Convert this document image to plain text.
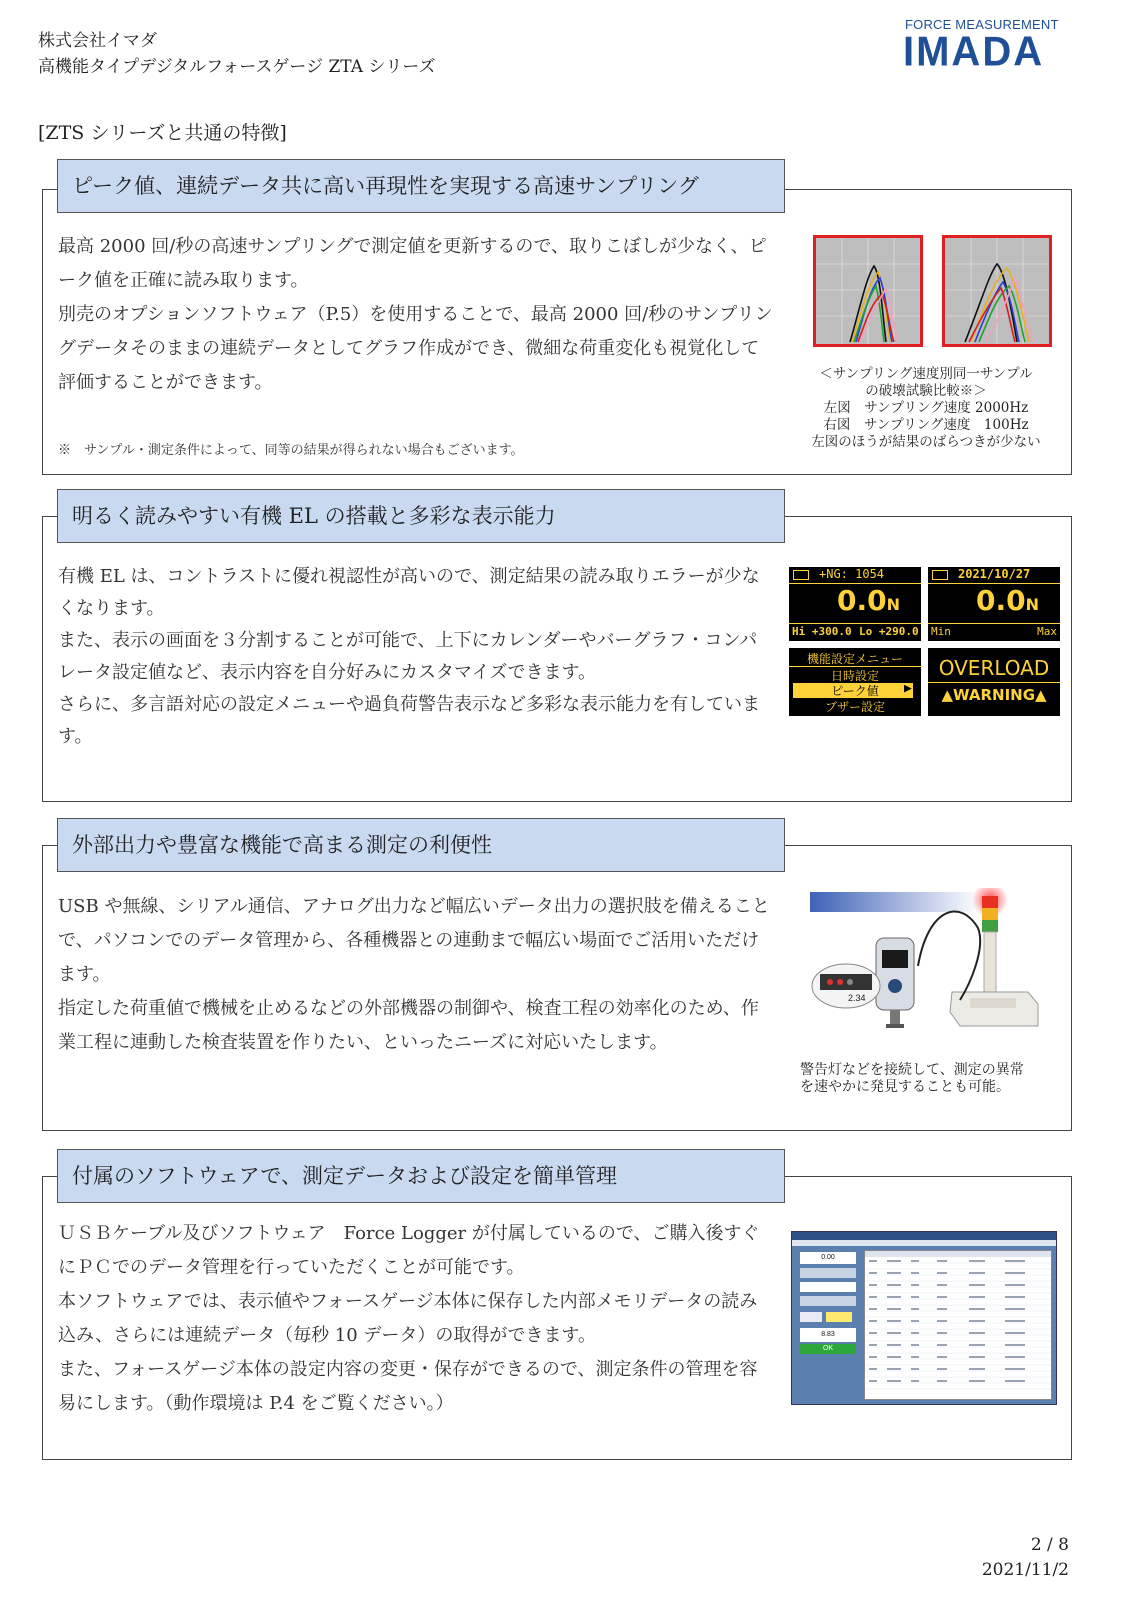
株式会社イマダ
高機能タイプデジタルフォースゲージ ZTA シリーズ
FORCE MEASUREMENT
IMADA
[ZTS シリーズと共通の特徴]
ピーク値、連続データ共に高い再現性を実現する高速サンプリング

最高 2000 回/秒の高速サンプリングで測定値を更新するので、取りこぼしが少なく、ピーク値を正確に読み取ります。

別売のオプションソフトウェア（P.5）を使用することで、最高 2000 回/秒のサンプリングデータそのままの連続データとしてグラフ作成ができ、微細な荷重変化も視覚化して評価することができます。

※　サンプル・測定条件によって、同等の結果が得られない場合もございます。
＜サンプリング速度別同一サンプル
の破壊試験比較※＞
左図　サンプリング速度 2000Hz
右図　サンプリング速度　100Hz
左図のほうが結果のばらつきが少ない
明るく読みやすい有機 EL の搭載と多彩な表示能力

有機 EL は、コントラストに優れ視認性が高いので、測定結果の読み取りエラーが少なくなります。

また、表示の画面を３分割することが可能で、上下にカレンダーやバーグラフ・コンパレータ設定値など、表示内容を自分好みにカスタマイズできます。

さらに、多言語対応の設定メニューや過負荷警告表示など多彩な表示能力を有しています。

+NG: 1054
0.0N
Hi +300.0 Lo +290.0
2021/10/27
0.0N
Min	Max
機能設定メニュー
日時設定
ピーク値	▶
ブザー設定
OVERLOAD
▲WARNING▲
外部出力や豊富な機能で高まる測定の利便性

USB や無線、シリアル通信、アナログ出力など幅広いデータ出力の選択肢を備えることで、パソコンでのデータ管理から、各種機器との連動まで幅広い場面でご活用いただけます。

指定した荷重値で機械を止めるなどの外部機器の制御や、検査工程の効率化のため、作業工程に連動した検査装置を作りたい、といったニーズに対応いたします。

2.34
警告灯などを接続して、測定の異常
を速やかに発見することも可能。
付属のソフトウェアで、測定データおよび設定を簡単管理

ＵＳＢケーブル及びソフトウェア　Force Logger が付属しているので、ご購入後すぐにＰＣでのデータ管理を行っていただくことが可能です。

本ソフトウェアでは、表示値やフォースゲージ本体に保存した内部メモリデータの読み込み、さらには連続データ（毎秒 10 データ）の取得ができます。

また、フォースゲージ本体の設定内容の変更・保存ができるので、測定条件の管理を容易にします。（動作環境は P.4 をご覧ください。）

0.00
8.83
OK
2 / 8
2021/11/2
